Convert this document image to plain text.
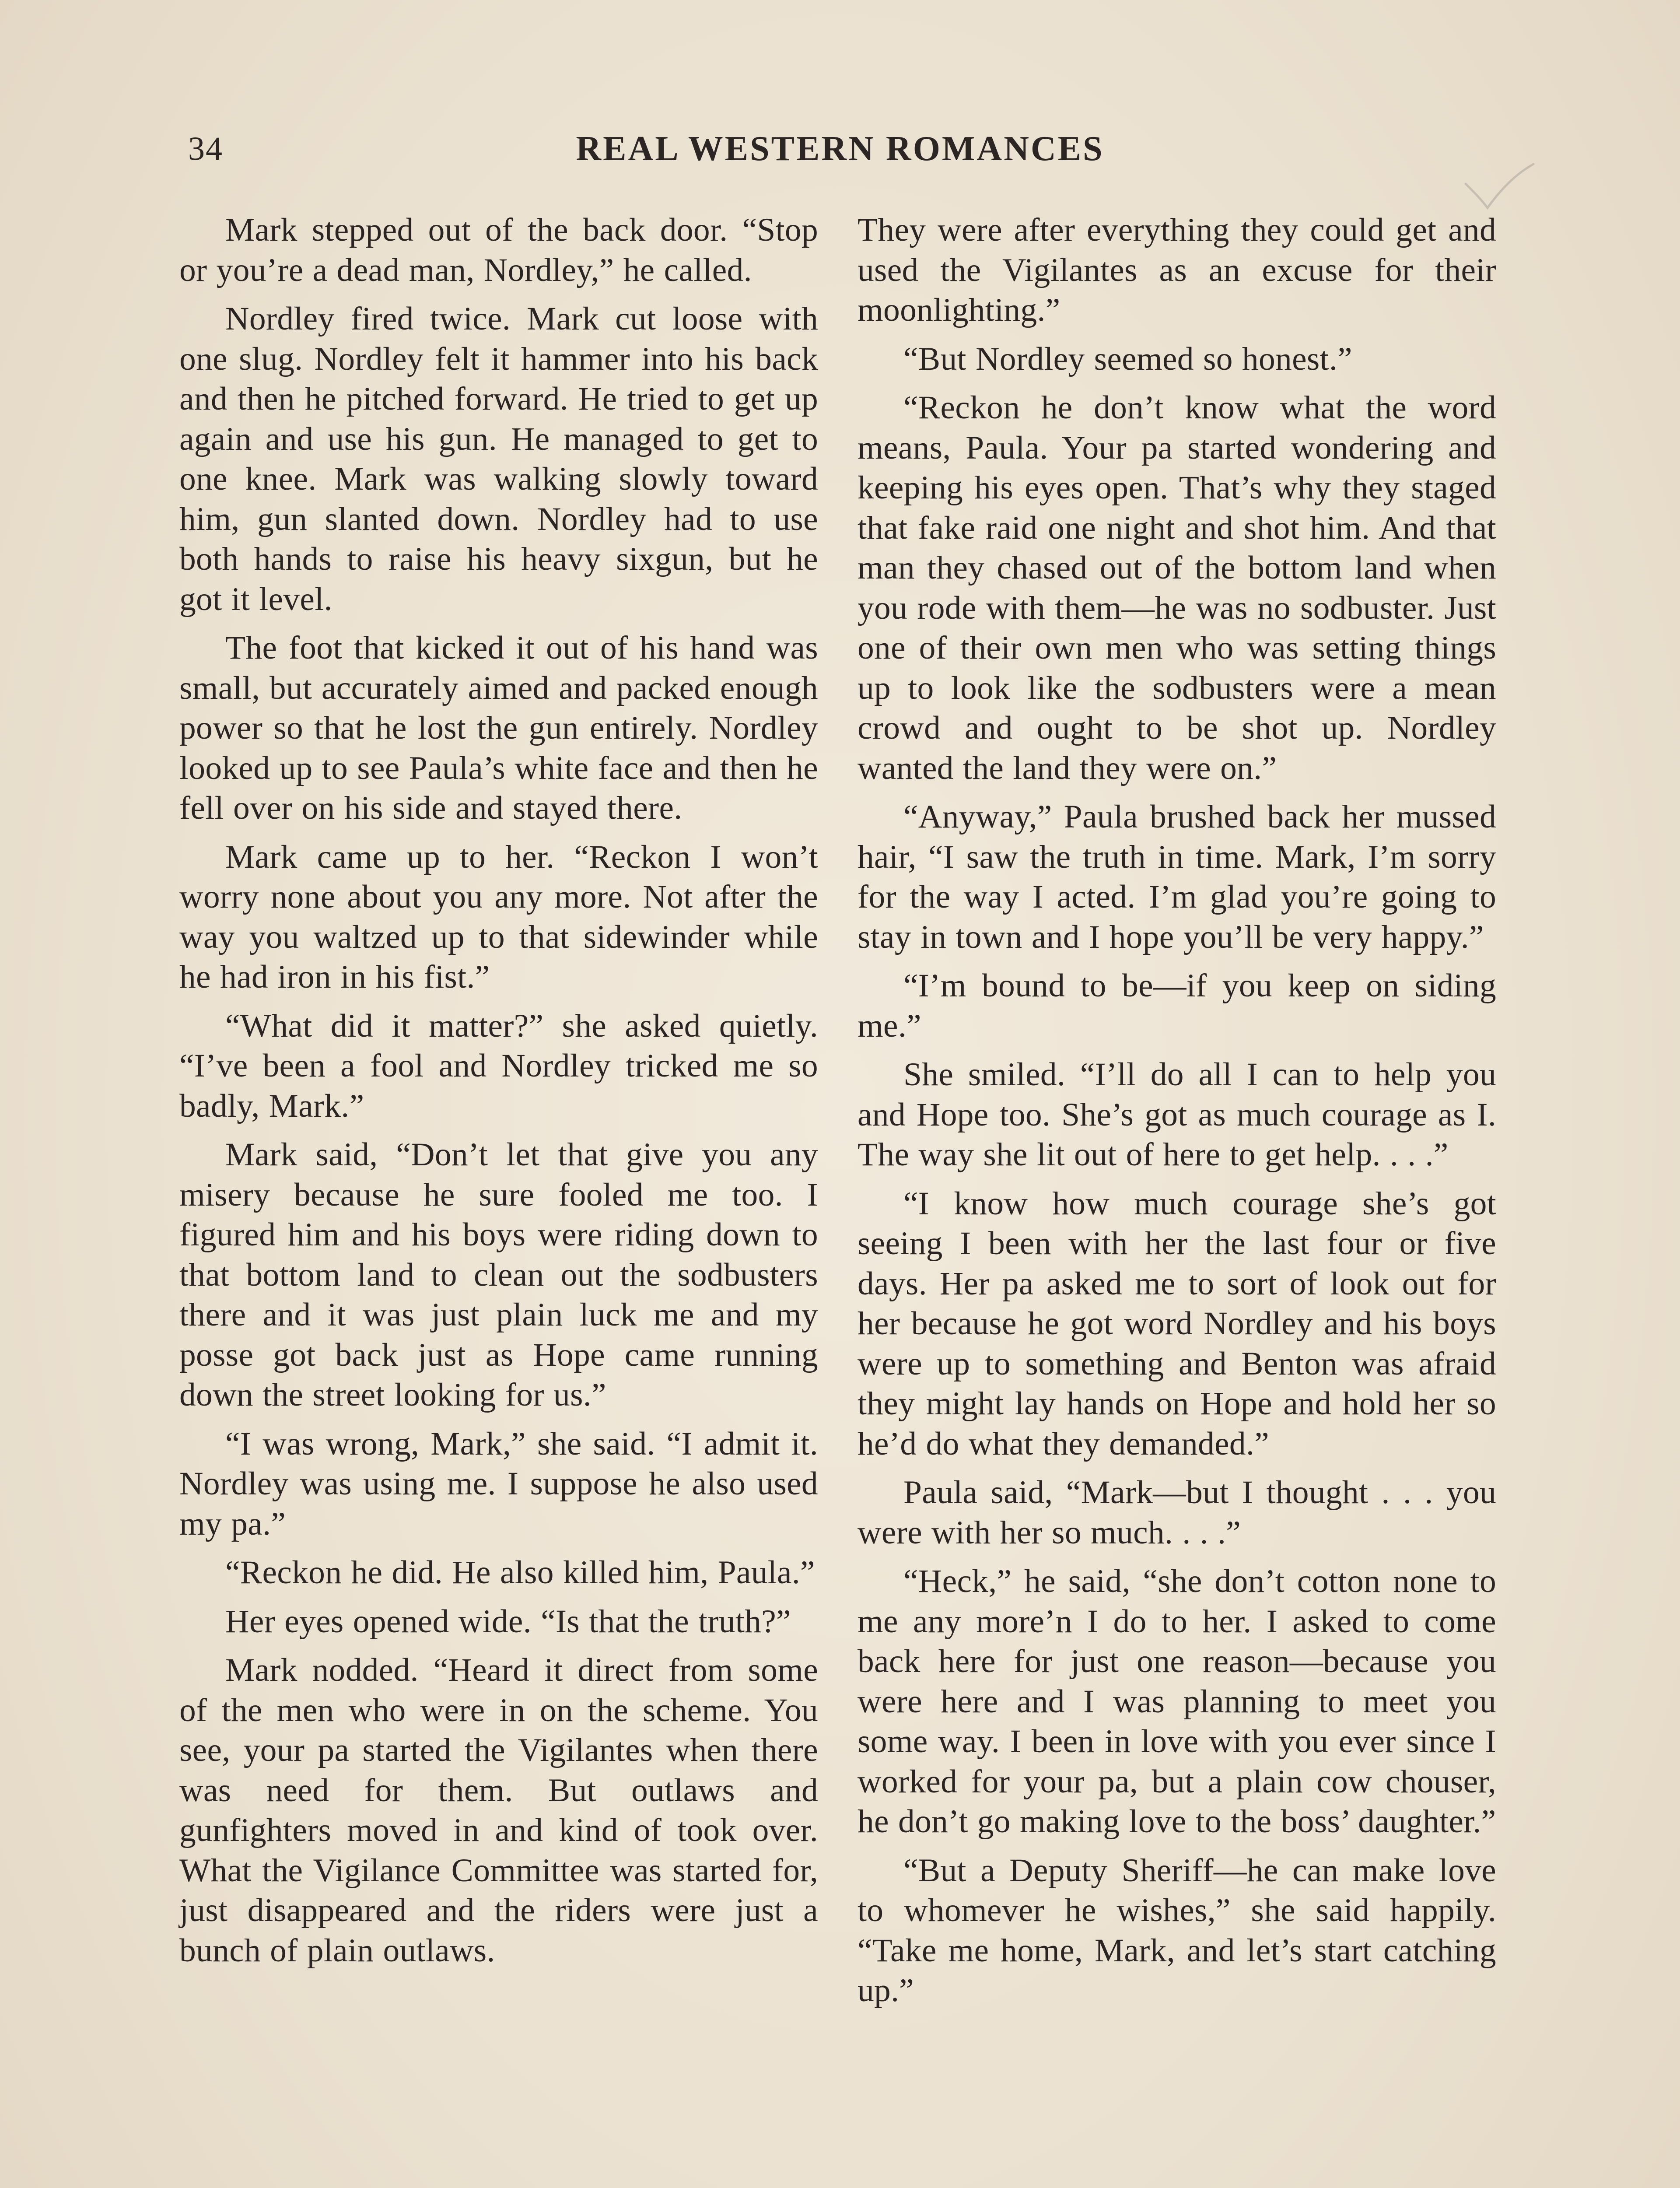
34	REAL WESTERN ROMANCES

Mark stepped out of the back door. “Stop or you’re a dead man, Nordley,” he called.

Nordley fired twice. Mark cut loose with one slug. Nordley felt it hammer into his back and then he pitched forward. He tried to get up again and use his gun. He managed to get to one knee. Mark was walking slowly toward him, gun slanted down. Nordley had to use both hands to raise his heavy sixgun, but he got it level.

The foot that kicked it out of his hand was small, but accurately aimed and packed enough power so that he lost the gun entirely. Nordley looked up to see Paula’s white face and then he fell over on his side and stayed there.

Mark came up to her. “Reckon I won’t worry none about you any more. Not after the way you waltzed up to that sidewinder while he had iron in his fist.”

“What did it matter?” she asked quietly. “I’ve been a fool and Nordley tricked me so badly, Mark.”

Mark said, “Don’t let that give you any misery because he sure fooled me too. I figured him and his boys were riding down to that bottom land to clean out the sodbusters there and it was just plain luck me and my posse got back just as Hope came running down the street looking for us.”

“I was wrong, Mark,” she said. “I admit it. Nordley was using me. I suppose he also used my pa.”

“Reckon he did. He also killed him, Paula.”

Her eyes opened wide. “Is that the truth?”

Mark nodded. “Heard it direct from some of the men who were in on the scheme. You see, your pa started the Vigilantes when there was need for them. But outlaws and gunfighters moved in and kind of took over. What the Vigilance Committee was started for, just disappeared and the riders were just a bunch of plain outlaws.

They were after everything they could get and used the Vigilantes as an excuse for their moonlighting.”

“But Nordley seemed so honest.”

“Reckon he don’t know what the word means, Paula. Your pa started wondering and keeping his eyes open. That’s why they staged that fake raid one night and shot him. And that man they chased out of the bottom land when you rode with them—he was no sodbuster. Just one of their own men who was setting things up to look like the sodbusters were a mean crowd and ought to be shot up. Nordley wanted the land they were on.”

“Anyway,” Paula brushed back her mussed hair, “I saw the truth in time. Mark, I’m sorry for the way I acted. I’m glad you’re going to stay in town and I hope you’ll be very happy.”

“I’m bound to be—if you keep on siding me.”

She smiled. “I’ll do all I can to help you and Hope too. She’s got as much courage as I. The way she lit out of here to get help. . . .”

“I know how much courage she’s got seeing I been with her the last four or five days. Her pa asked me to sort of look out for her because he got word Nordley and his boys were up to something and Benton was afraid they might lay hands on Hope and hold her so he’d do what they demanded.”

Paula said, “Mark—but I thought . . . you were with her so much. . . .”

“Heck,” he said, “she don’t cotton none to me any more’n I do to her. I asked to come back here for just one reason—because you were here and I was planning to meet you some way. I been in love with you ever since I worked for your pa, but a plain cow chouser, he don’t go making love to the boss’ daughter.”

“But a Deputy Sheriff—he can make love to whomever he wishes,” she said happily. “Take me home, Mark, and let’s start catching up.”
